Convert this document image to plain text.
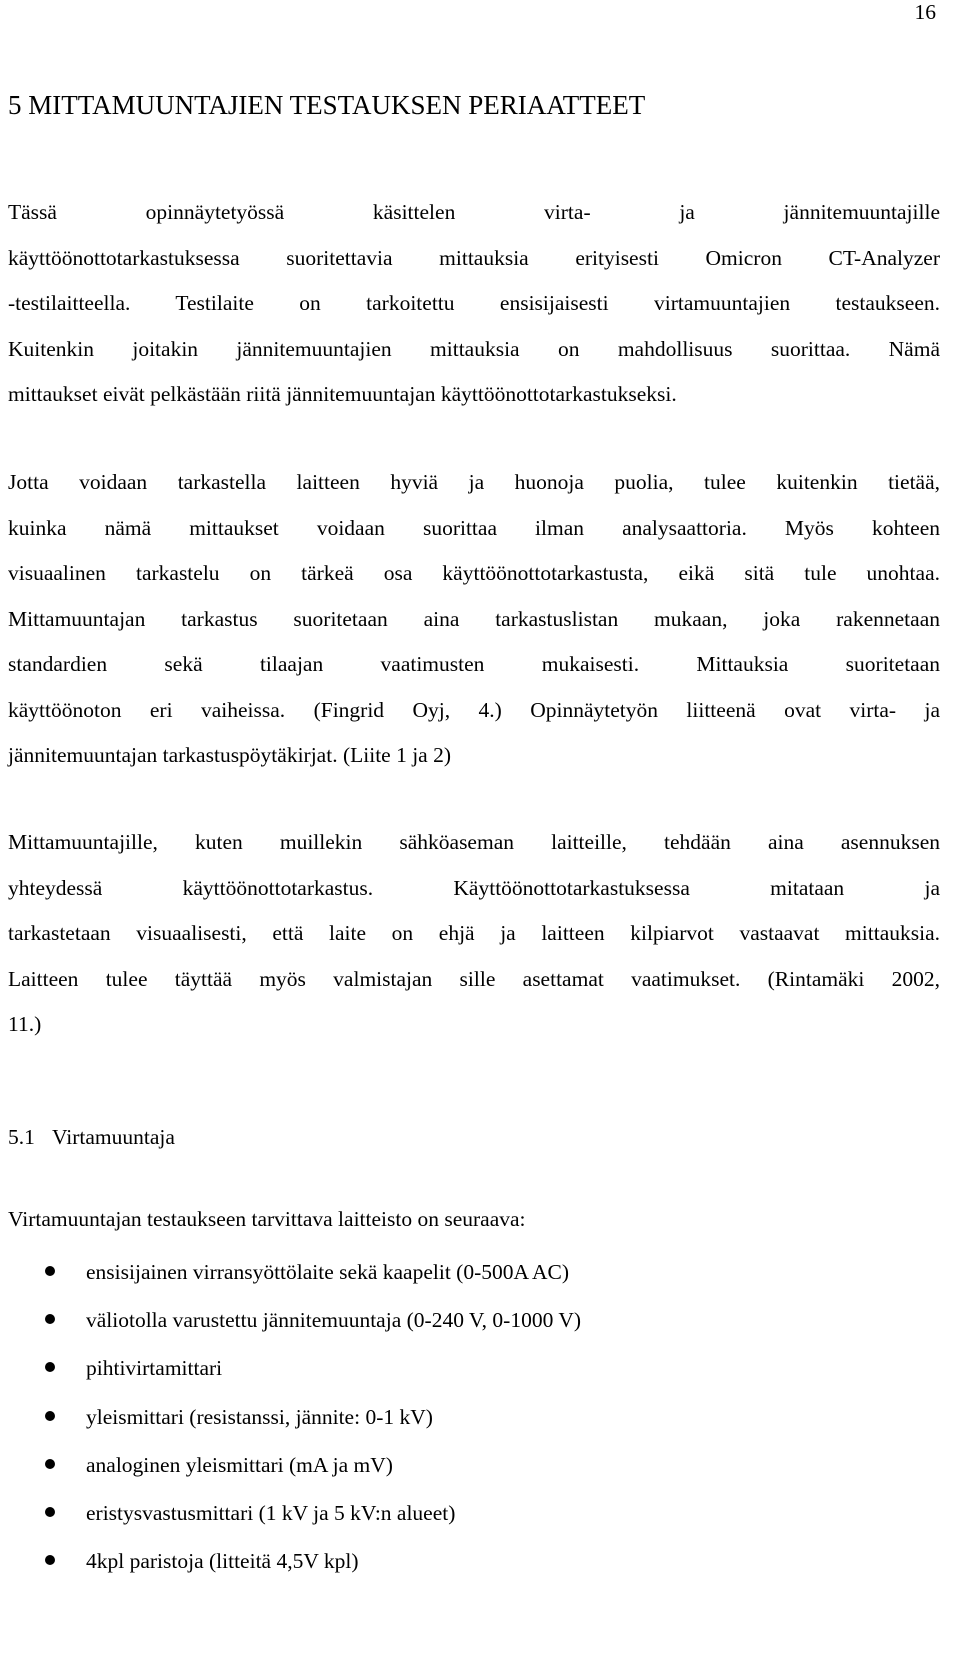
16
5 MITTAMUUNTAJIEN TESTAUKSEN PERIAATTEET
Tässä opinnäytetyössä käsittelen virta- ja jännitemuuntajille
käyttöönottotarkastuksessa suoritettavia mittauksia erityisesti Omicron CT-Analyzer
-testilaitteella. Testilaite on tarkoitettu ensisijaisesti virtamuuntajien testaukseen.
Kuitenkin joitakin jännitemuuntajien mittauksia on mahdollisuus suorittaa. Nämä
mittaukset eivät pelkästään riitä jännitemuuntajan käyttöönottotarkastukseksi.
Jotta voidaan tarkastella laitteen hyviä ja huonoja puolia, tulee kuitenkin tietää,
kuinka nämä mittaukset voidaan suorittaa ilman analysaattoria. Myös kohteen
visuaalinen tarkastelu on tärkeä osa käyttöönottotarkastusta, eikä sitä tule unohtaa.
Mittamuuntajan tarkastus suoritetaan aina tarkastuslistan mukaan, joka rakennetaan
standardien sekä tilaajan vaatimusten mukaisesti. Mittauksia suoritetaan
käyttöönoton eri vaiheissa. (Fingrid Oyj, 4.) Opinnäytetyön liitteenä ovat virta- ja
jännitemuuntajan tarkastuspöytäkirjat. (Liite 1 ja 2)
Mittamuuntajille, kuten muillekin sähköaseman laitteille, tehdään aina asennuksen
yhteydessä käyttöönottotarkastus. Käyttöönottotarkastuksessa mitataan ja
tarkastetaan visuaalisesti, että laite on ehjä ja laitteen kilpiarvot vastaavat mittauksia.
Laitteen tulee täyttää myös valmistajan sille asettamat vaatimukset. (Rintamäki 2002,
11.)
5.1 Virtamuuntaja
Virtamuuntajan testaukseen tarvittava laitteisto on seuraava:
ensisijainen virransyöttölaite sekä kaapelit (0-500A AC)
väliotolla varustettu jännitemuuntaja (0-240 V, 0-1000 V)
pihtivirtamittari
yleismittari (resistanssi, jännite: 0-1 kV)
analoginen yleismittari (mA ja mV)
eristysvastusmittari (1 kV ja 5 kV:n alueet)
4kpl paristoja (litteitä 4,5V kpl)
